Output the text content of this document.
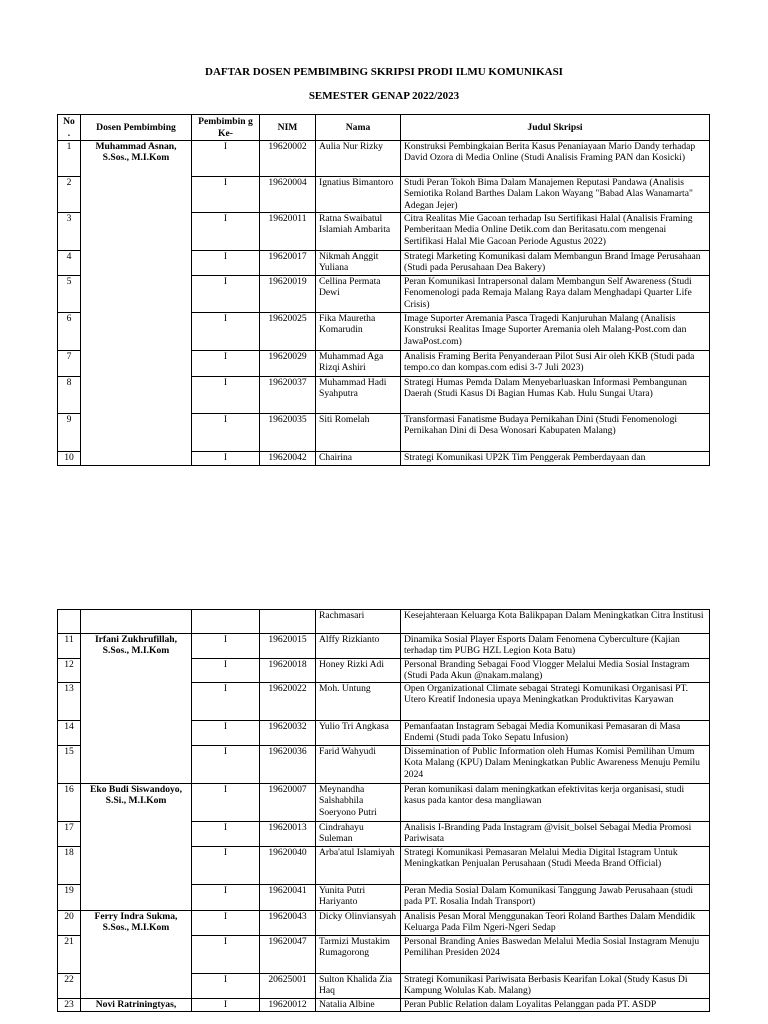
DAFTAR DOSEN PEMBIMBING SKRIPSI PRODI ILMU KOMUNIKASI
SEMESTER GENAP 2022/2023
No .	Dosen Pembimbing	Pembimbin g Ke-	NIM	Nama	Judul Skripsi
1	Muhammad Asnan, S.Sos., M.I.Kom	I	19620002	Aulia Nur Rizky	Konstruksi Pembingkaian Berita Kasus Penaniayaan Mario Dandy terhadap David Ozora di Media Online (Studi Analisis Framing PAN dan Kosicki)
2		I	19620004	Ignatius Bimantoro	Studi Peran Tokoh Bima Dalam Manajemen Reputasi Pandawa (Analisis Semiotika Roland Barthes Dalam Lakon Wayang "Babad Alas Wanamarta" Adegan Jejer)
3		I	19620011	Ratna Swaibatul Islamiah Ambarita	Citra Realitas Mie Gacoan terhadap Isu Sertifikasi Halal (Analisis Framing Pemberitaan Media Online Detik.com dan Beritasatu.com mengenai Sertifikasi Halal Mie Gacoan Periode Agustus 2022)
4		I	19620017	Nikmah Anggit Yuliana	Strategi Marketing Komunikasi dalam Membangun Brand Image Perusahaan (Studi pada Perusahaan Dea Bakery)
5		I	19620019	Cellina Permata Dewi	Peran Komunikasi Intrapersonal dalam Membangun Self Awareness (Studi Fenomenologi pada Remaja Malang Raya dalam Menghadapi Quarter Life Crisis)
6		I	19620025	Fika Mauretha Komarudin	Image Suporter Aremania Pasca Tragedi Kanjuruhan Malang (Analisis Konstruksi Realitas Image Suporter Aremania oleh Malang-Post.com dan JawaPost.com)
7		I	19620029	Muhammad Aga Rizqi Ashiri	Analisis Framing Berita Penyanderaan Pilot Susi Air oleh KKB (Studi pada tempo.co dan kompas.com edisi 3-7 Juli 2023)
8		I	19620037	Muhammad Hadi Syahputra	Strategi Humas Pemda Dalam Menyebarluaskan Informasi Pembangunan Daerah (Studi Kasus Di Bagian Humas Kab. Hulu Sungai Utara)
9		I	19620035	Siti Romelah	Transformasi Fanatisme Budaya Pernikahan Dini (Studi Fenomenologi Pernikahan Dini di Desa Wonosari Kabupaten Malang)
10		I	19620042	Chairina	Strategi Komunikasi UP2K Tim Penggerak Pemberdayaan dan
				Rachmasari	Kesejahteraan Keluarga Kota Balikpapan Dalam Meningkatkan Citra Institusi
11	Irfani Zukhrufillah, S.Sos., M.I.Kom	I	19620015	Alffy Rizkianto	Dinamika Sosial Player Esports Dalam Fenomena Cyberculture (Kajian terhadap tim PUBG HZL Legion Kota Batu)
12		I	19620018	Honey Rizki Adi	Personal Branding Sebagai Food Vlogger Melalui Media Sosial Instagram (Studi Pada Akun @nakam.malang)
13		I	19620022	Moh. Untung	Open Organizational Climate sebagai Strategi Komunikasi Organisasi PT. Utero Kreatif Indonesia upaya Meningkatkan Produktivitas Karyawan
14		I	19620032	Yulio Tri Angkasa	Pemanfaatan Instagram Sebagai Media Komunikasi Pemasaran di Masa Endemi (Studi pada Toko Sepatu Infusion)
15		I	19620036	Farid Wahyudi	Dissemination of Public Information oleh Humas Komisi Pemilihan Umum Kota Malang (KPU) Dalam Meningkatkan Public Awareness Menuju Pemilu 2024
16	Eko Budi Siswandoyo, S.Si., M.I.Kom	I	19620007	Meynandha Salshabhila Soeryono Putri	Peran komunikasi dalam meningkatkan efektivitas kerja organisasi, studi kasus pada kantor desa mangliawan
17		I	19620013	Cindrahayu Suleman	Analisis I-Branding Pada Instagram @visit_bolsel Sebagai Media Promosi Pariwisata
18		I	19620040	Arba'atul Islamiyah	Strategi Komunikasi Pemasaran Melalui Media Digital Istagram Untuk Meningkatkan Penjualan Perusahaan (Studi Meeda Brand Official)
19		I	19620041	Yunita Putri Hariyanto	Peran Media Sosial Dalam Komunikasi Tanggung Jawab Perusahaan (studi pada PT. Rosalia Indah Transport)
20	Ferry Indra Sukma, S.Sos., M.I.Kom	I	19620043	Dicky Olinviansyah	Analisis Pesan Moral Menggunakan Teori Roland Barthes Dalam Mendidik Keluarga Pada Film Ngeri-Ngeri Sedap
21		I	19620047	Tarmizi Mustakim Rumagorong	Personal Branding Anies Baswedan Melalui Media Sosial Instagram Menuju Pemilihan Presiden 2024
22		I	20625001	Sulton Khalida Zia Haq	Strategi Komunikasi Pariwisata Berbasis Kearifan Lokal (Study Kasus Di Kampung Wolulas Kab. Malang)
23	Novi Ratriningtyas,	I	19620012	Natalia Albine	Peran Public Relation dalam Loyalitas Pelanggan pada PT. ASDP
